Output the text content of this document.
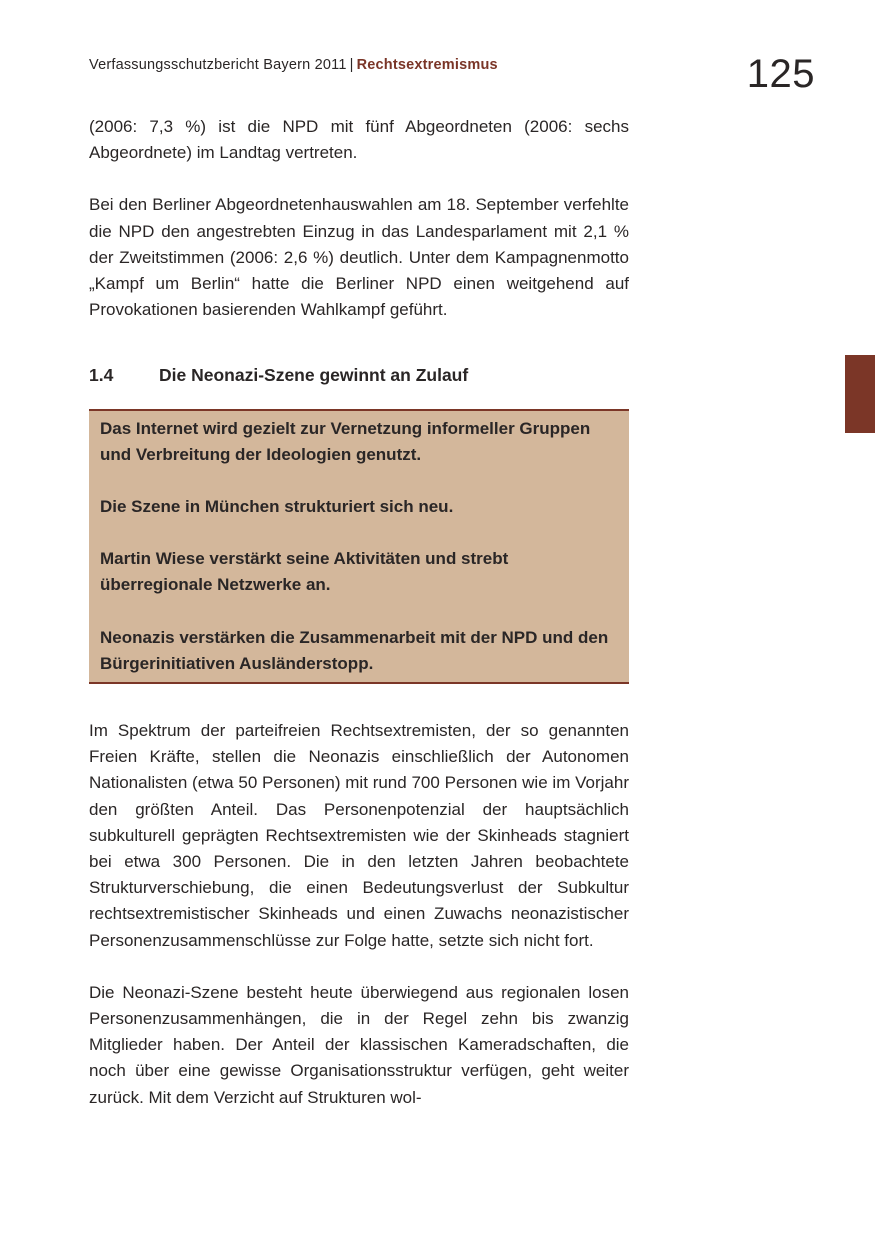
Verfassungsschutzbericht Bayern 2011 | Rechtsextremismus	125

(2006: 7,3 %) ist die NPD mit fünf Abgeordneten (2006: sechs Abgeordnete) im Landtag vertreten.

Bei den Berliner Abgeordnetenhauswahlen am 18. September verfehlte die NPD den angestrebten Einzug in das Landesparlament mit 2,1 % der Zweitstimmen (2006: 2,6 %) deutlich. Unter dem Kampagnenmotto „Kampf um Berlin“ hatte die Berliner NPD einen weitgehend auf Provokationen basierenden Wahlkampf geführt.

1.4	Die Neonazi-Szene gewinnt an Zulauf
Das Internet wird gezielt zur Vernetzung informeller Gruppen und Verbreitung der Ideologien genutzt.
Die Szene in München strukturiert sich neu.
Martin Wiese verstärkt seine Aktivitäten und strebt überregionale Netzwerke an.
Neonazis verstärken die Zusammenarbeit mit der NPD und den Bürgerinitiativen Ausländerstopp.

Im Spektrum der parteifreien Rechtsextremisten, der so genannten Freien Kräfte, stellen die Neonazis einschließlich der Autonomen Nationalisten (etwa 50 Personen) mit rund 700 Personen wie im Vorjahr den größten Anteil. Das Personenpotenzial der hauptsächlich subkulturell geprägten Rechtsextremisten wie der Skinheads stagniert bei etwa 300 Personen. Die in den letzten Jahren beobachtete Strukturverschiebung, die einen Bedeutungsverlust der Subkultur rechtsextremistischer Skinheads und einen Zuwachs neonazistischer Personenzusammenschlüsse zur Folge hatte, setzte sich nicht fort.

Die Neonazi-Szene besteht heute überwiegend aus regionalen losen Personenzusammenhängen, die in der Regel zehn bis zwanzig Mitglieder haben. Der Anteil der klassischen Kameradschaften, die noch über eine gewisse Organisationsstruktur verfügen, geht weiter zurück. Mit dem Verzicht auf Strukturen wol-
